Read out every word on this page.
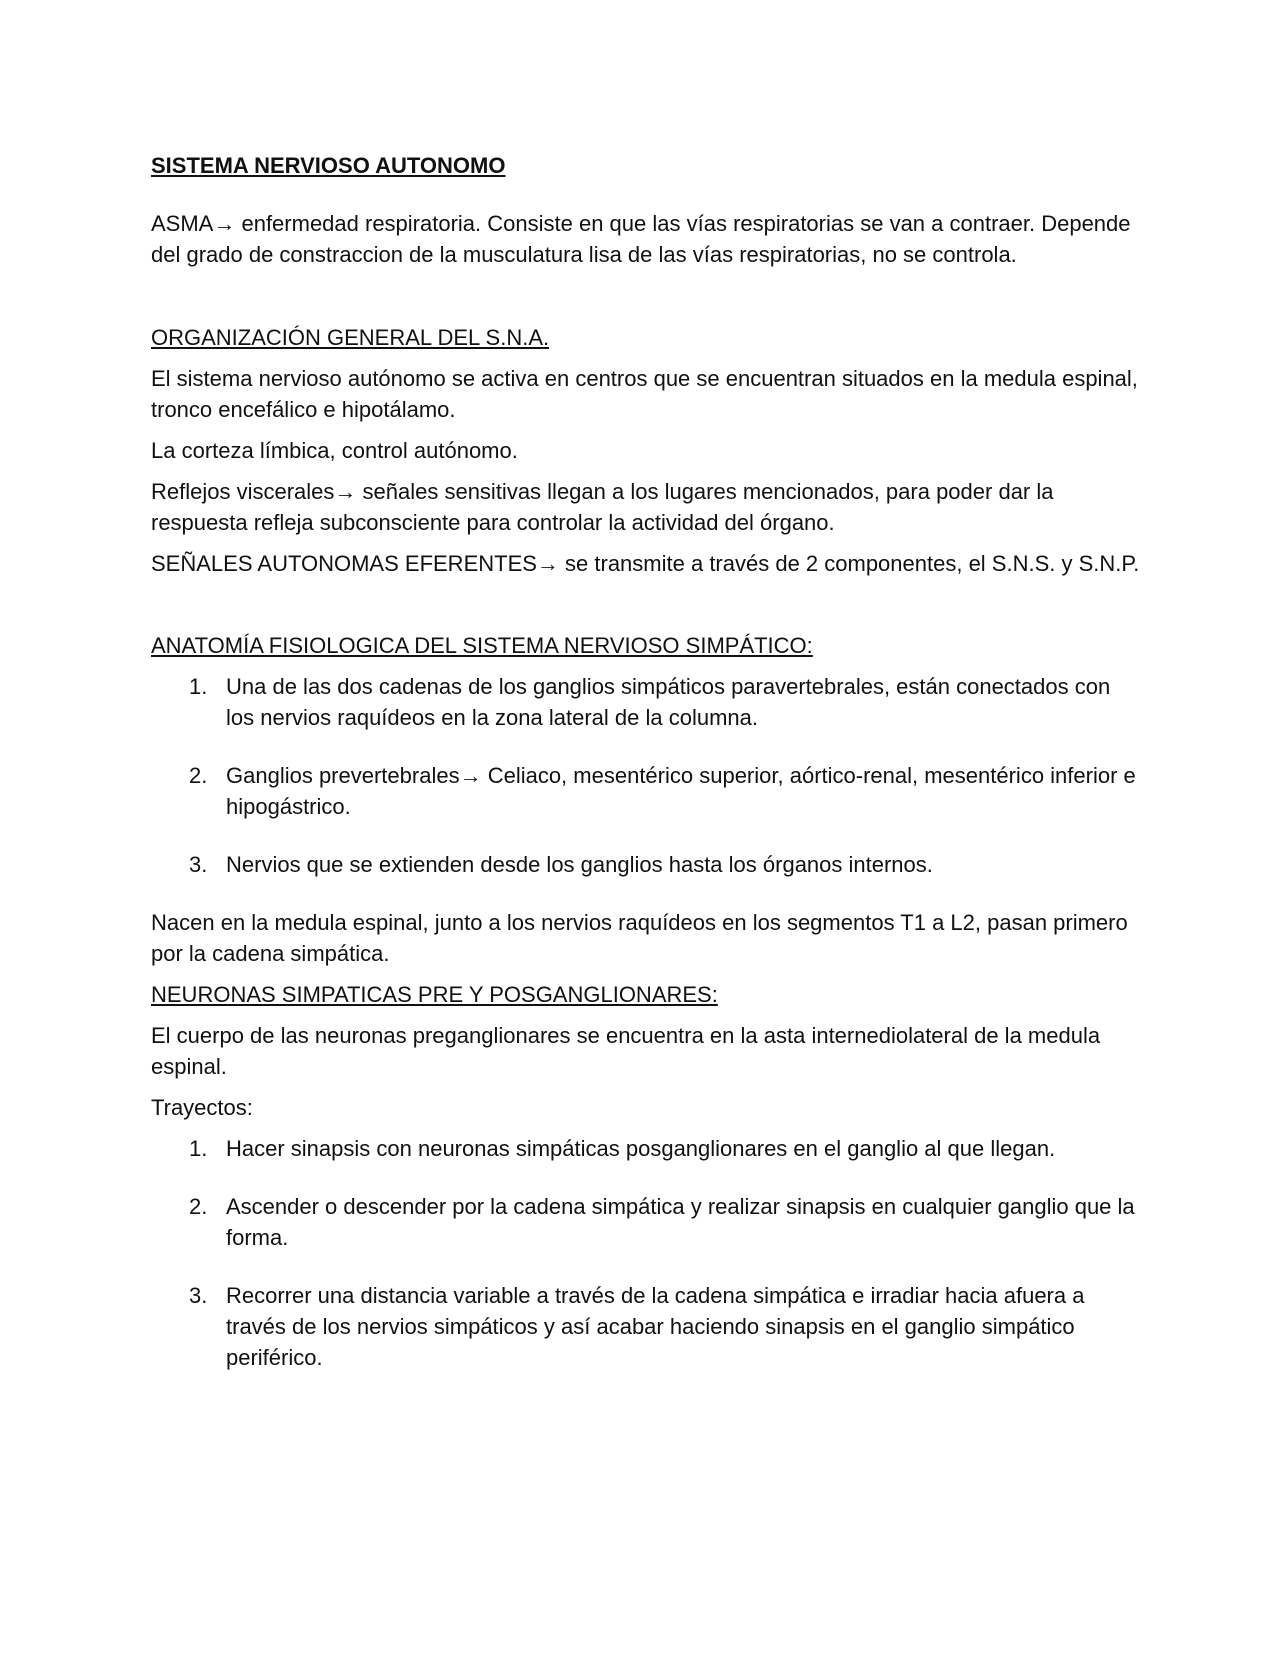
SISTEMA NERVIOSO AUTONOMO

ASMA→ enfermedad respiratoria. Consiste en que las vías respiratorias se van a contraer. Depende del grado de constraccion de la musculatura lisa de las vías respiratorias, no se controla.

ORGANIZACIÓN GENERAL DEL S.N.A.

El sistema nervioso autónomo se activa en centros que se encuentran situados en la medula espinal, tronco encefálico e hipotálamo.

La corteza límbica, control autónomo.

Reflejos viscerales→ señales sensitivas llegan a los lugares mencionados, para poder dar la respuesta refleja subconsciente para controlar la actividad del órgano.

SEÑALES AUTONOMAS EFERENTES→ se transmite a través de 2 componentes, el S.N.S. y S.N.P.

ANATOMÍA FISIOLOGICA DEL SISTEMA NERVIOSO SIMPÁTICO:

1. Una de las dos cadenas de los ganglios simpáticos paravertebrales, están conectados con los nervios raquídeos en la zona lateral de la columna.
2. Ganglios prevertebrales→ Celiaco, mesentérico superior, aórtico-renal, mesentérico inferior e hipogástrico.
3. Nervios que se extienden desde los ganglios hasta los órganos internos.

Nacen en la medula espinal, junto a los nervios raquídeos en los segmentos T1 a L2, pasan primero por la cadena simpática.

NEURONAS SIMPATICAS PRE Y POSGANGLIONARES:

El cuerpo de las neuronas preganglionares se encuentra en la asta internediolateral de la medula espinal.

Trayectos:

1. Hacer sinapsis con neuronas simpáticas posganglionares en el ganglio al que llegan.
2. Ascender o descender por la cadena simpática y realizar sinapsis en cualquier ganglio que la forma.
3. Recorrer una distancia variable a través de la cadena simpática e irradiar hacia afuera a través de los nervios simpáticos y así acabar haciendo sinapsis en el ganglio simpático periférico.
